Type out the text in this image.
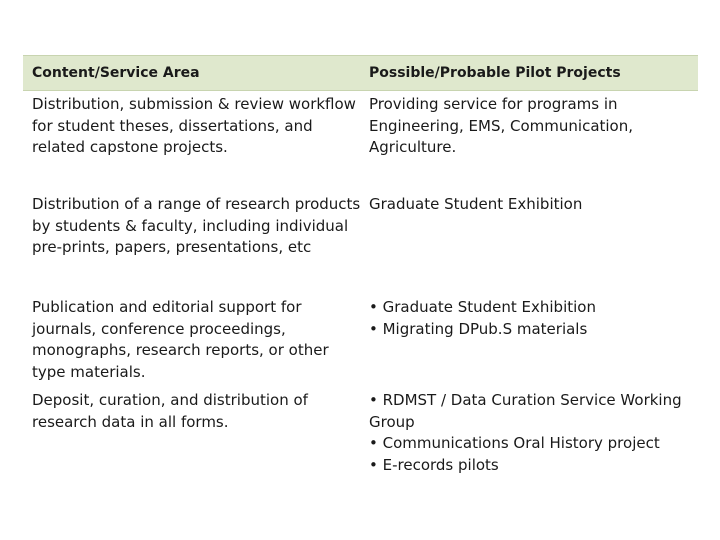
Content/Service Area	Possible/Probable Pilot Projects
Distribution, submission & review workflow
for student theses, dissertations, and
related capstone projects.
Providing service for programs in
Engineering, EMS, Communication,
Agriculture.
Distribution of a range of research products
by students & faculty, including individual
pre-prints, papers, presentations, etc
Graduate Student Exhibition
Publication and editorial support for
journals, conference proceedings,
monographs, research reports, or other
type materials.
• Graduate Student Exhibition
• Migrating DPub.S materials
Deposit, curation, and distribution of
research data in all forms.
• RDMST / Data Curation Service Working
Group
• Communications Oral History project
• E-records pilots
